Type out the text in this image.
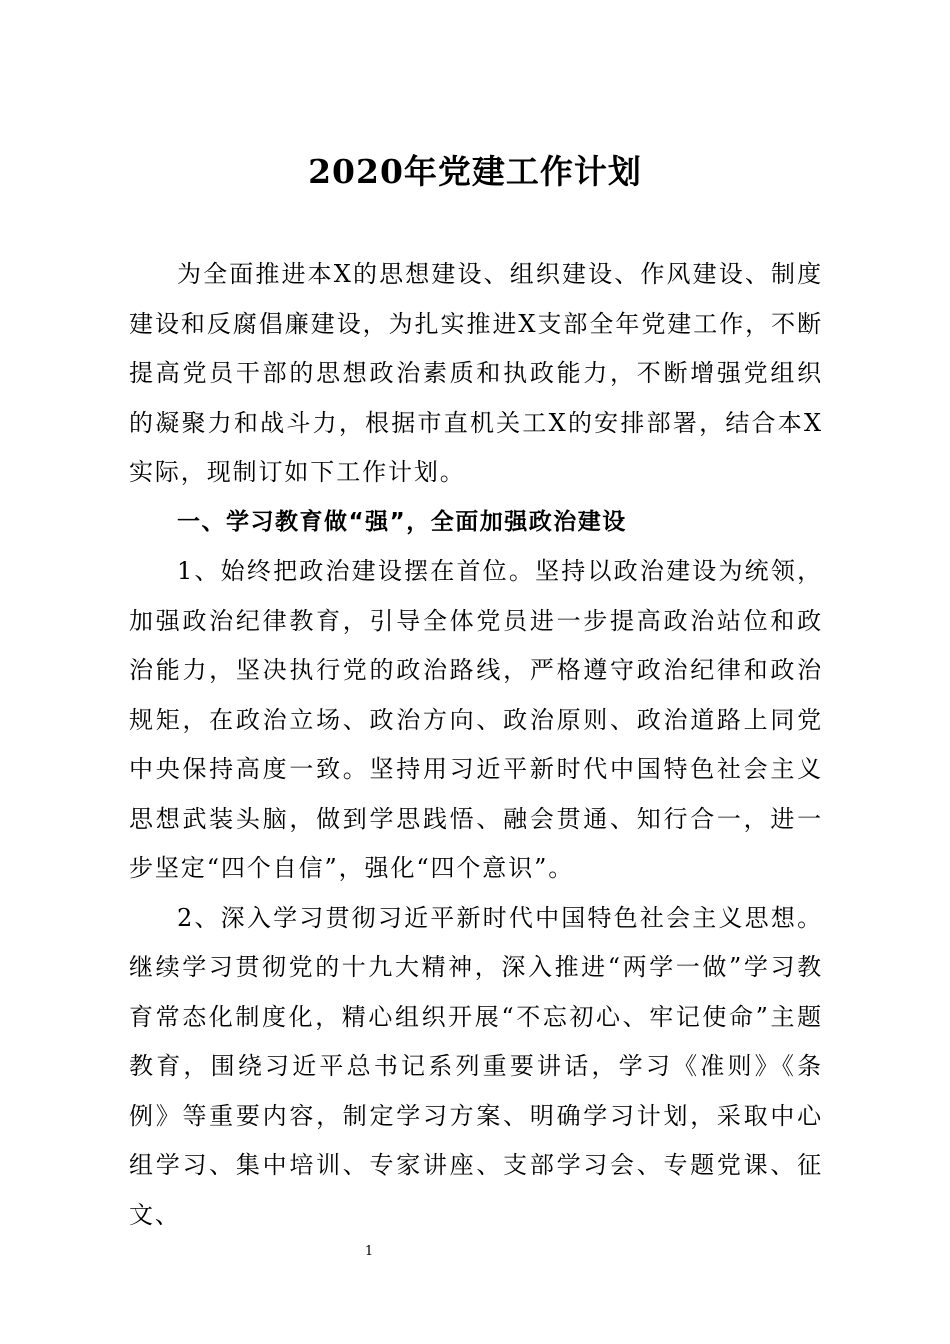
2020年党建工作计划

为全面推进本X的思想建设、组织建设、作风建设、制度建设和反腐倡廉建设，为扎实推进X支部全年党建工作，不断提高党员干部的思想政治素质和执政能力，不断增强党组织的凝聚力和战斗力，根据市直机关工X的安排部署，结合本X实际，现制订如下工作计划。

一、学习教育做“强”，全面加强政治建设

1、始终把政治建设摆在首位。坚持以政治建设为统领，加强政治纪律教育，引导全体党员进一步提高政治站位和政治能力，坚决执行党的政治路线，严格遵守政治纪律和政治规矩，在政治立场、政治方向、政治原则、政治道路上同党中央保持高度一致。坚持用习近平新时代中国特色社会主义思想武装头脑，做到学思践悟、融会贯通、知行合一，进一步坚定“四个自信”，强化“四个意识”。

2、深入学习贯彻习近平新时代中国特色社会主义思想。继续学习贯彻党的十九大精神，深入推进“两学一做”学习教育常态化制度化，精心组织开展“不忘初心、牢记使命”主题教育，围绕习近平总书记系列重要讲话，学习《准则》《条例》等重要内容，制定学习方案、明确学习计划，采取中心组学习、集中培训、专家讲座、支部学习会、专题党课、征文、

1
